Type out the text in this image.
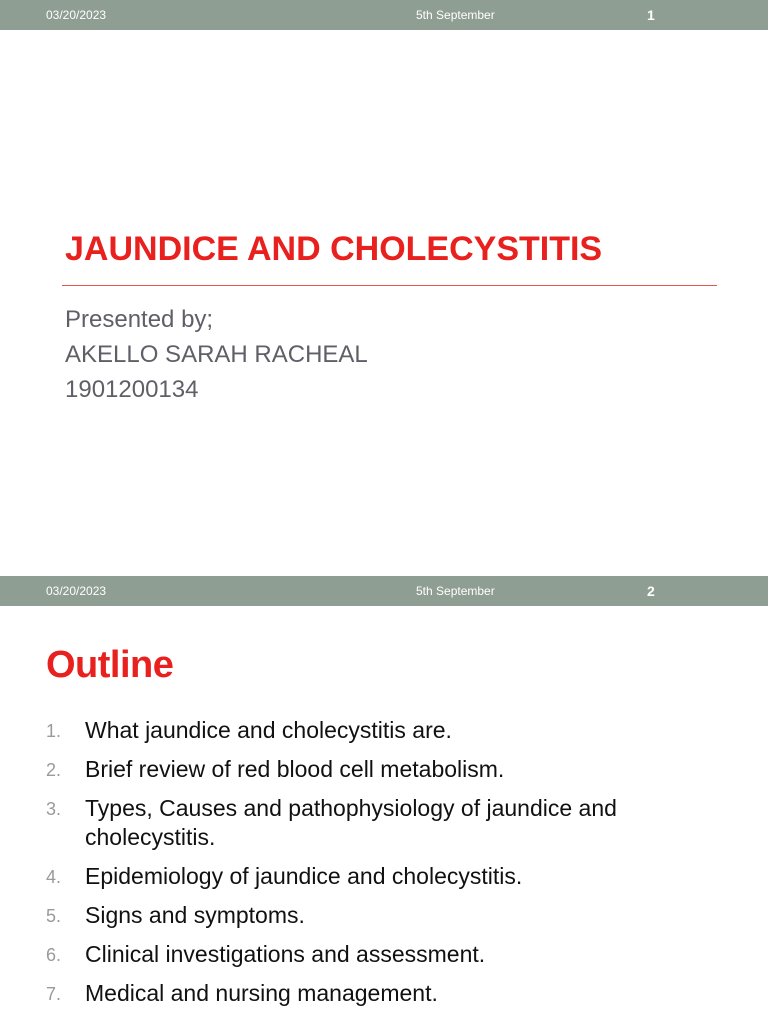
03/20/2023	5th September	1
JAUNDICE AND CHOLECYSTITIS
Presented by;
AKELLO SARAH RACHEAL
1901200134
03/20/2023	5th September	2
Outline
1. What jaundice and cholecystitis are.
2. Brief review of red blood cell metabolism.
3. Types, Causes and pathophysiology of jaundice and cholecystitis.
4. Epidemiology of jaundice and cholecystitis.
5. Signs and symptoms.
6. Clinical investigations and assessment.
7. Medical and nursing management.
